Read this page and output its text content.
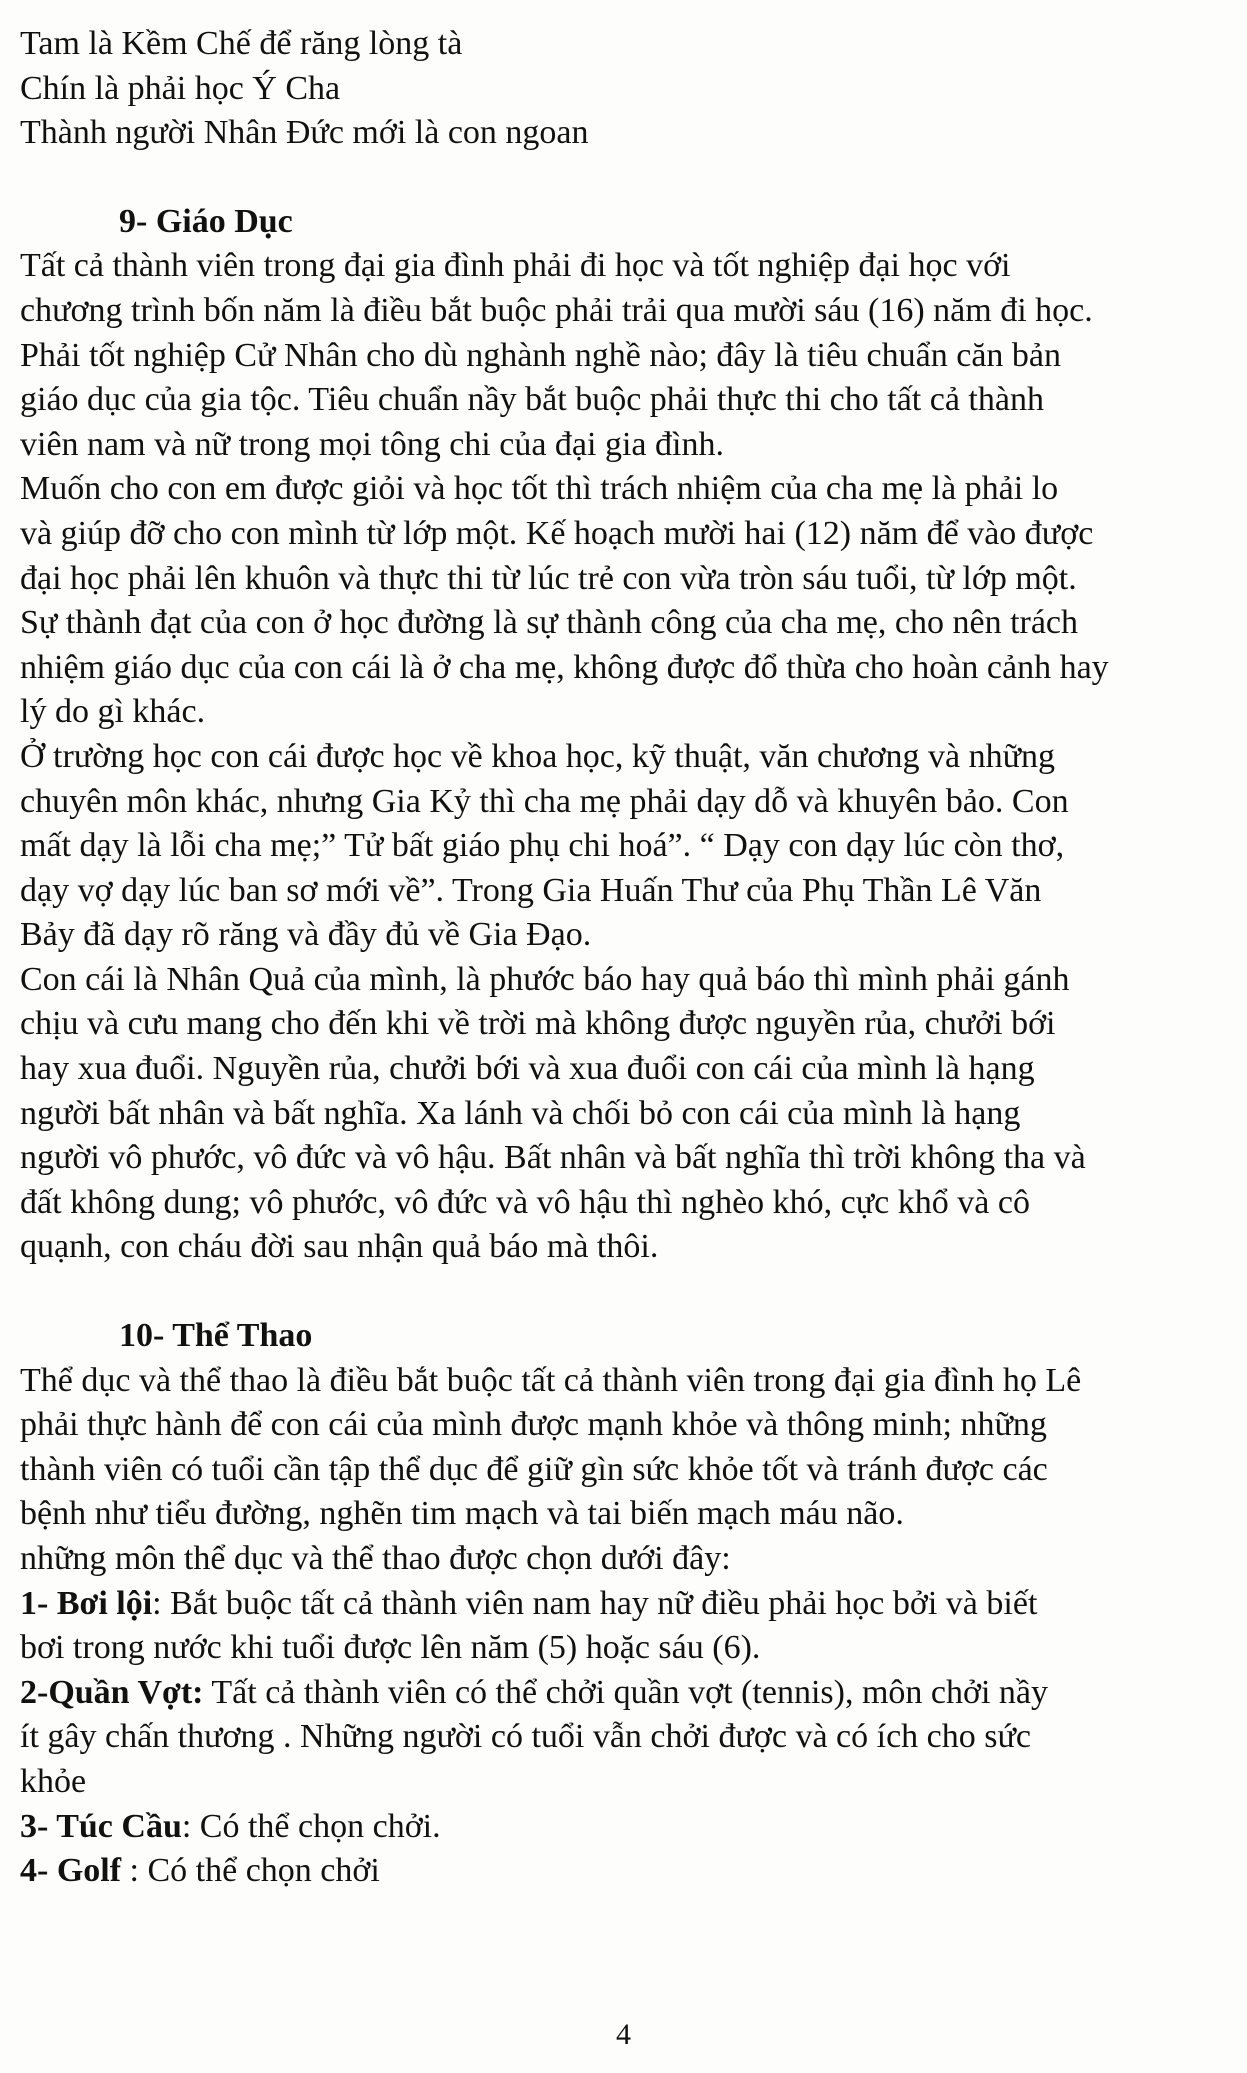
Tam là Kềm Chế để răng lòng tà
Chín là phải học Ý Cha
Thành người Nhân Đức mới là con ngoan
9- Giáo Dục
Tất cả thành viên trong đại gia đình phải đi học và tốt nghiệp đại học với
chương trình bốn năm là điều bắt buộc phải trải qua mười sáu (16) năm đi học.
Phải tốt nghiệp Cử Nhân cho dù nghành nghề nào; đây là tiêu chuẩn căn bản
giáo dục của gia tộc. Tiêu chuẩn nầy bắt buộc phải thực thi cho tất cả thành
viên nam và nữ trong mọi tông chi của đại gia đình.
Muốn cho con em được giỏi và học tốt thì trách nhiệm của cha mẹ là phải lo
và giúp đỡ cho con mình từ lớp một. Kế hoạch mười hai (12) năm để vào được
đại học phải lên khuôn và thực thi từ lúc trẻ con vừa tròn sáu tuổi, từ lớp một.
Sự thành đạt của con ở học đường là sự thành công của cha mẹ, cho nên trách
nhiệm giáo dục của con cái là ở cha mẹ, không được đổ thừa cho hoàn cảnh hay
lý do gì khác.
Ở trường học con cái được học về khoa học, kỹ thuật, văn chương và những
chuyên môn khác, nhưng Gia Kỷ thì cha mẹ phải dạy dỗ và khuyên bảo. Con
mất dạy là lỗi cha mẹ;” Tử bất giáo phụ chi hoá”. “ Dạy con dạy lúc còn thơ,
dạy vợ dạy lúc ban sơ mới về”. Trong Gia Huấn Thư của Phụ Thần Lê Văn
Bảy đã dạy rõ răng và đầy đủ về Gia Đạo.
Con cái là Nhân Quả của mình, là phước báo hay quả báo thì mình phải gánh
chịu và cưu mang cho đến khi về trời mà không được nguyền rủa, chưởi bới
hay xua đuổi. Nguyền rủa, chưởi bới và xua đuổi con cái của mình là hạng
người bất nhân và bất nghĩa. Xa lánh và chối bỏ con cái của mình là hạng
người vô phước, vô đức và vô hậu. Bất nhân và bất nghĩa thì trời không tha và
đất không dung; vô phước, vô đức và vô hậu thì nghèo khó, cực khổ và cô
quạnh, con cháu đời sau nhận quả báo mà thôi.
10- Thể Thao
Thể dục và thể thao là điều bắt buộc tất cả thành viên trong đại gia đình họ Lê
phải thực hành để con cái của mình được mạnh khỏe và thông minh; những
thành viên có tuổi cần tập thể dục để giữ gìn sức khỏe tốt và tránh được các
bệnh như tiểu đường, nghẽn tim mạch và tai biến mạch máu não.
những môn thể dục và thể thao được chọn dưới đây:
1- Bơi lội: Bắt buộc tất cả thành viên nam hay nữ điều phải học bởi và biết
bơi trong nước khi tuổi được lên năm (5) hoặc sáu (6).
2-Quần Vợt: Tất cả thành viên có thể chởi quần vợt (tennis), môn chởi nầy
ít gây chấn thương . Những người có tuổi vẫn chởi được và có ích cho sức
khỏe
3- Túc Cầu: Có thể chọn chởi.
4- Golf : Có thể chọn chởi
4
